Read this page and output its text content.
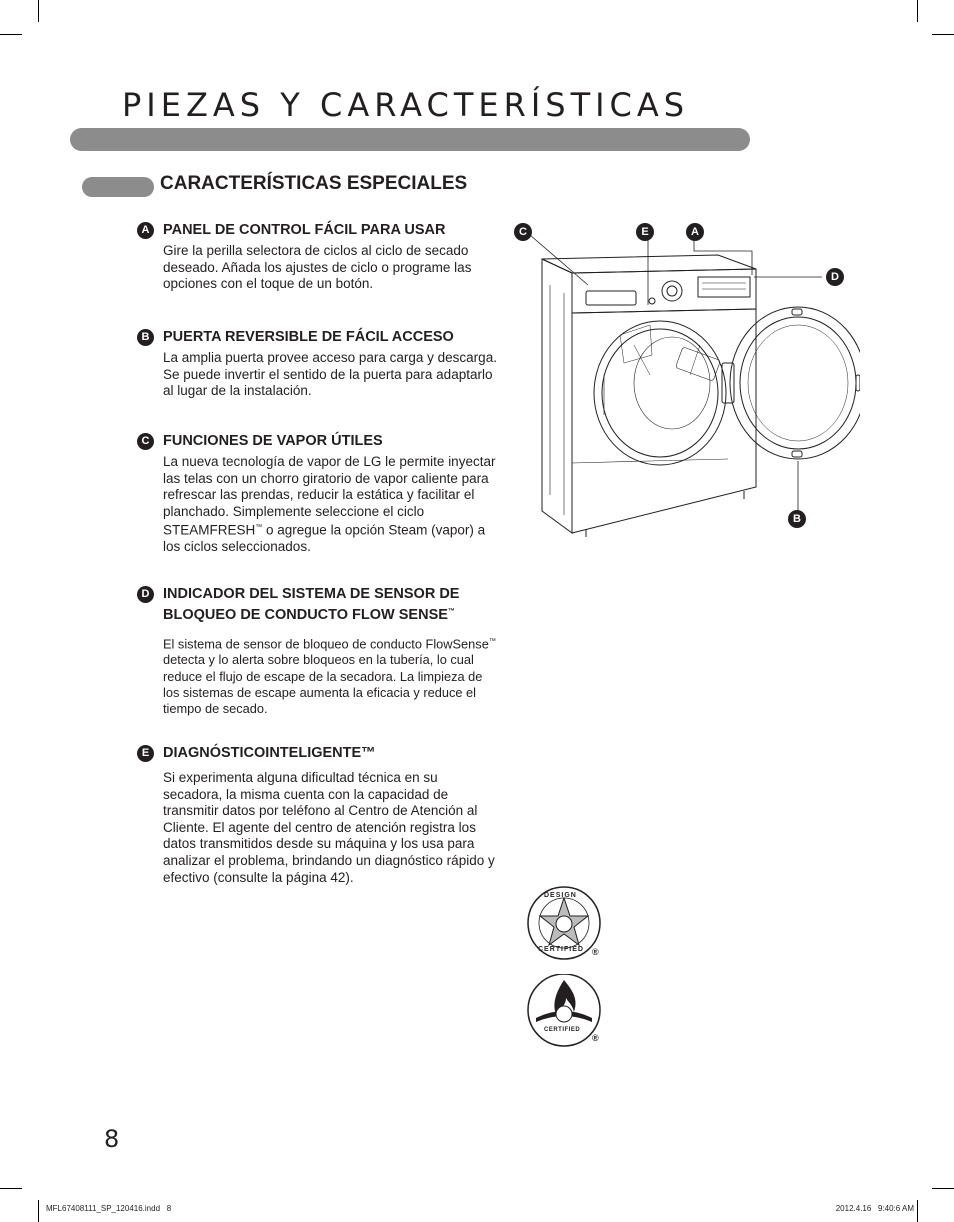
PIEZAS Y CARACTERÍSTICAS
CARACTERÍSTICAS ESPECIALES
A PANEL DE CONTROL FÁCIL PARA USAR

Gire la perilla selectora de ciclos al ciclo de secado deseado. Añada los ajustes de ciclo o programe las opciones con el toque de un botón.

B PUERTA REVERSIBLE DE FÁCIL ACCESO

La amplia puerta provee acceso para carga y descarga. Se puede invertir el sentido de la puerta para adaptarlo al lugar de la instalación.

C FUNCIONES DE VAPOR ÚTILES

La nueva tecnología de vapor de LG le permite inyectar las telas con un chorro giratorio de vapor caliente para refrescar las prendas, reducir la estática y facilitar el planchado. Simplemente seleccione el ciclo STEAMFRESH™ o agregue la opción Steam (vapor) a los ciclos seleccionados.

D INDICADOR DEL SISTEMA DE SENSOR DE
BLOQUEO DE CONDUCTO FLOW SENSE™

El sistema de sensor de bloqueo de conducto FlowSense™ detecta y lo alerta sobre bloqueos en la tubería, lo cual reduce el flujo de escape de la secadora. La limpieza de los sistemas de escape aumenta la eficacia y reduce el tiempo de secado.

E DIAGNÓSTICOINTELIGENTE™

Si experimenta alguna dificultad técnica en su secadora, la misma cuenta con la capacidad de transmitir datos por teléfono al Centro de Atención al Cliente. El agente del centro de atención registra los datos transmitidos desde su máquina y los usa para analizar el problema, brindando un diagnóstico rápido y efectivo (consulte la página 42).

C	E	A
D
B
DESIGN
CERTIFIED ®
CERTIFIED
®
8
MFL67408111_SP_120416.indd   8	2012.4.16   9:40:6 AM
